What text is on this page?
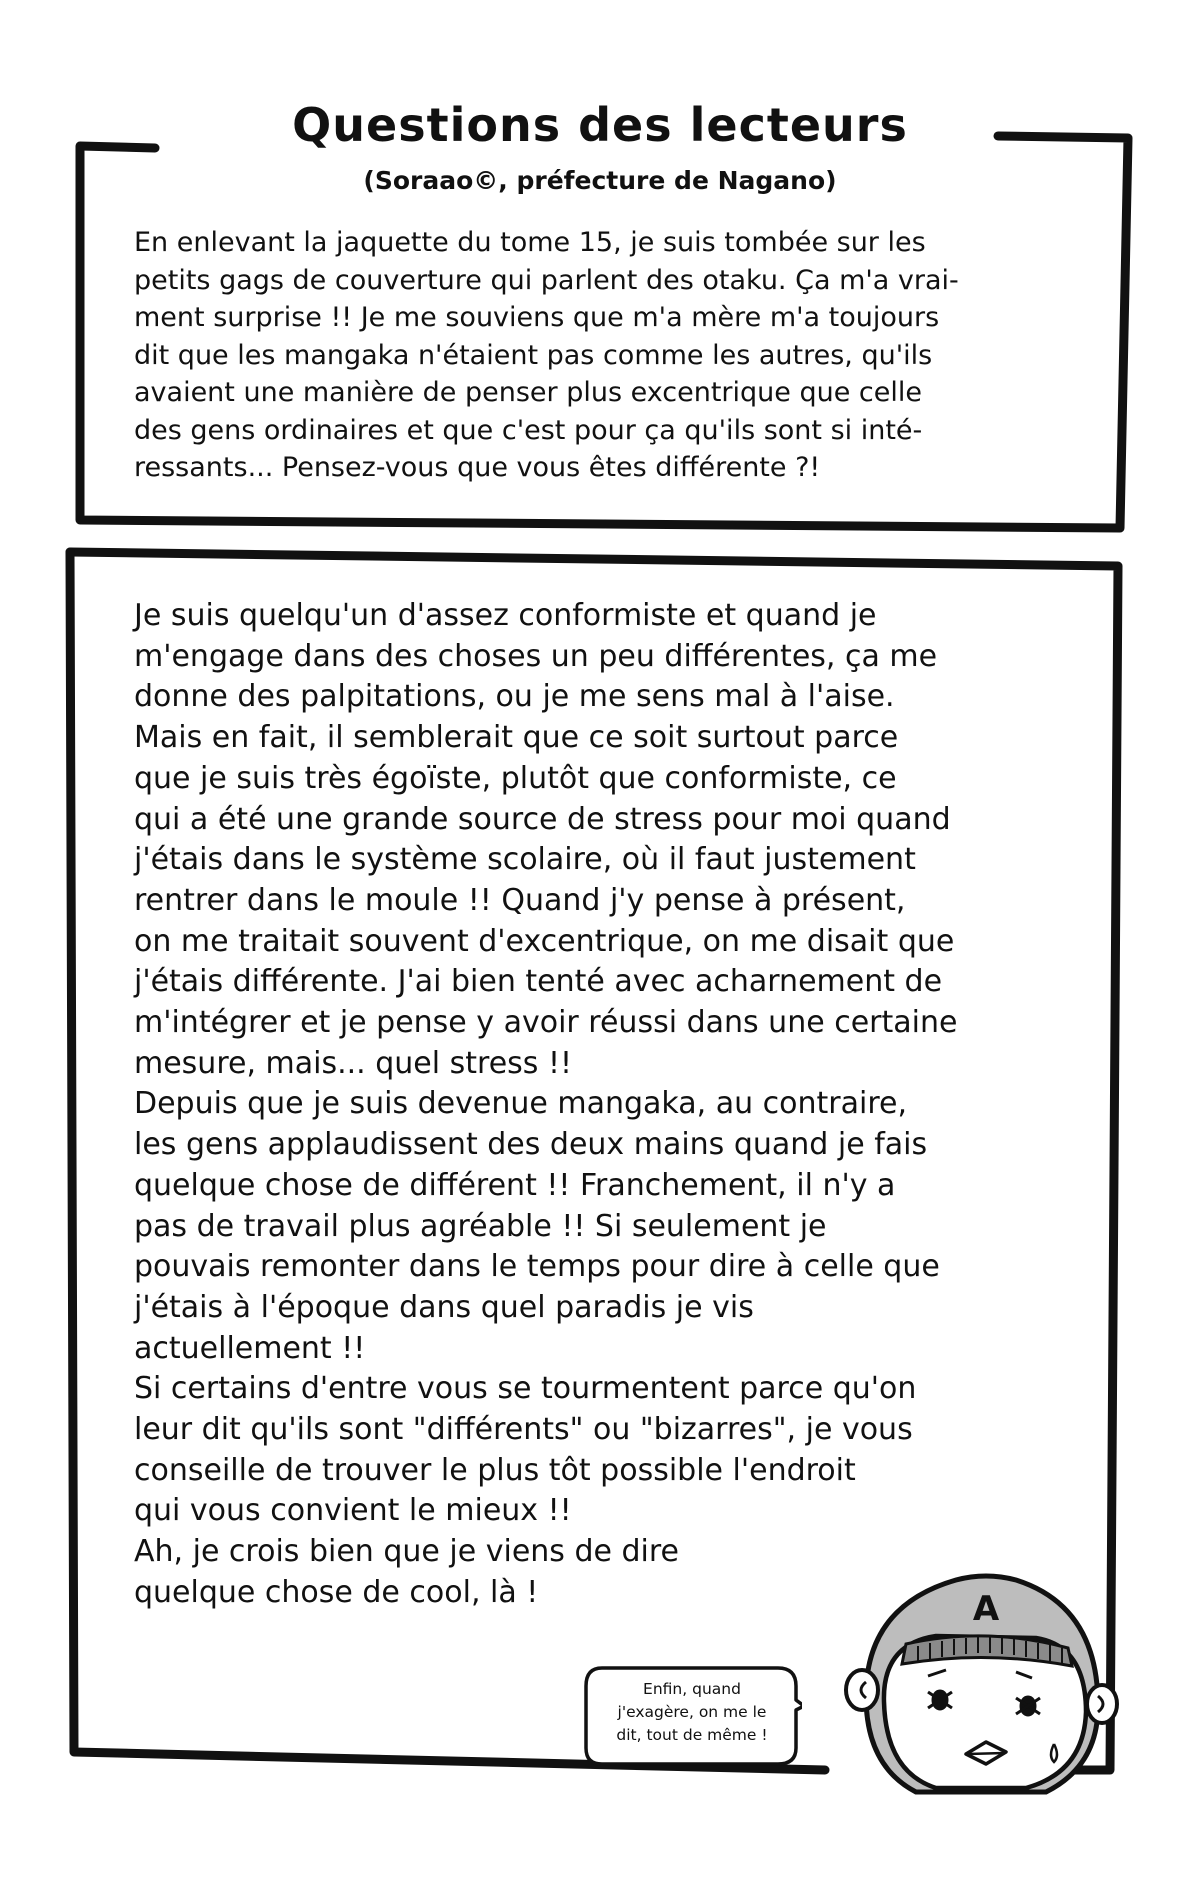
Questions des lecteurs
(Soraao©, préfecture de Nagano)
En enlevant la jaquette du tome 15, je suis tombée sur les
petits gags de couverture qui parlent des otaku. Ça m'a vrai-
ment surprise !! Je me souviens que m'a mère m'a toujours
dit que les mangaka n'étaient pas comme les autres, qu'ils
avaient une manière de penser plus excentrique que celle
des gens ordinaires et que c'est pour ça qu'ils sont si inté-
ressants... Pensez-vous que vous êtes différente ?!
Je suis quelqu'un d'assez conformiste et quand je
m'engage dans des choses un peu différentes, ça me
donne des palpitations, ou je me sens mal à l'aise.
Mais en fait, il semblerait que ce soit surtout parce
que je suis très égoïste, plutôt que conformiste, ce
qui a été une grande source de stress pour moi quand
j'étais dans le système scolaire, où il faut justement
rentrer dans le moule !! Quand j'y pense à présent,
on me traitait souvent d'excentrique, on me disait que
j'étais différente. J'ai bien tenté avec acharnement de
m'intégrer et je pense y avoir réussi dans une certaine
mesure, mais... quel stress !!
Depuis que je suis devenue mangaka, au contraire,
les gens applaudissent des deux mains quand je fais
quelque chose de différent !! Franchement, il n'y a
pas de travail plus agréable !! Si seulement je
pouvais remonter dans le temps pour dire à celle que
j'étais à l'époque dans quel paradis je vis
actuellement !!
Si certains d'entre vous se tourmentent parce qu'on
leur dit qu'ils sont "différents" ou "bizarres", je vous
conseille de trouver le plus tôt possible l'endroit
qui vous convient le mieux !!
Ah, je crois bien que je viens de dire
quelque chose de cool, là !
Enfin, quand
j'exagère, on me le
dit, tout de même !
A
